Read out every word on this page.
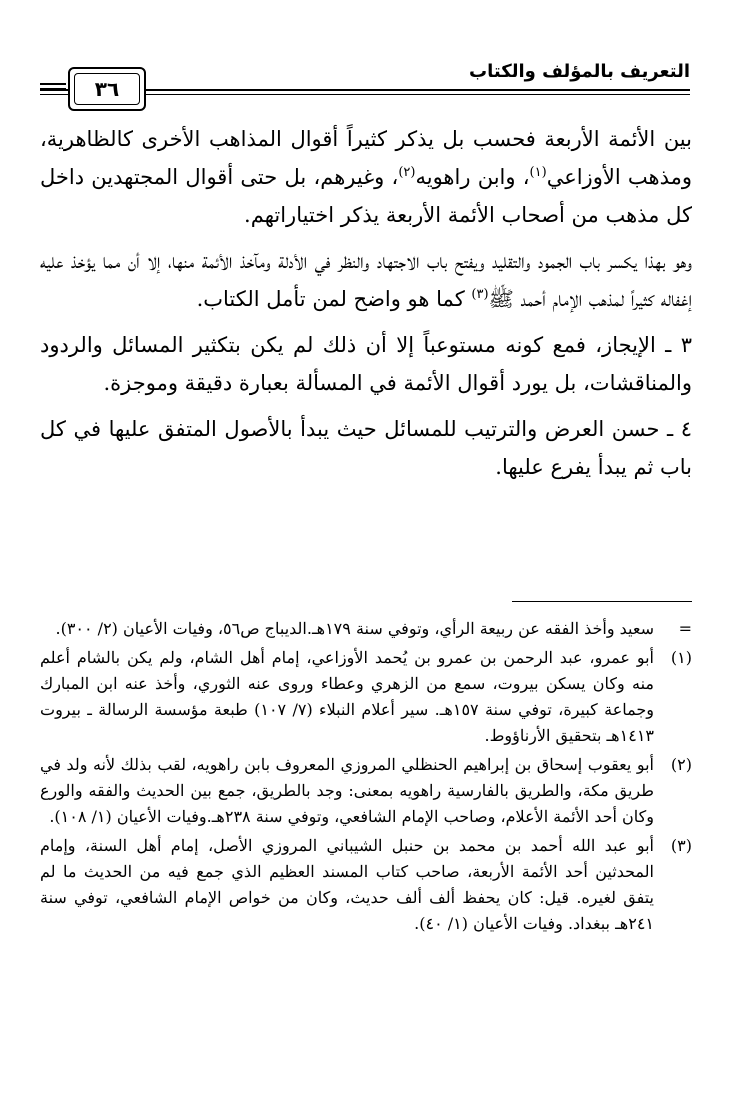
التعريف بالمؤلف والكتاب
٣٦

بين الأئمة الأربعة فحسب بل يذكر كثيراً أقوال المذاهب الأخرى كالظاهرية، ومذهب الأوزاعي$^{(١)}$، وابن راهويه$^{(٢)}$، وغيرهم، بل حتى أقوال المجتهدين داخل كل مذهب من أصحاب الأئمة الأربعة يذكر اختياراتهم.

وهو بهذا يكسر باب الجمود والتقليد ويفتح باب الاجتهاد والنظر في الأدلة ومآخذ الأئمة منها، إلا أن مما يؤخذ عليه إغفاله كثيراً لمذهب الإمام أحمد ﷺ$^{(٣)}$ كما هو واضح لمن تأمل الكتاب.

٣ ـ الإيجاز، فمع كونه مستوعباً إلا أن ذلك لم يكن بتكثير المسائل والردود والمناقشات، بل يورد أقوال الأئمة في المسألة بعبارة دقيقة وموجزة.

٤ ـ حسن العرض والترتيب للمسائل حيث يبدأ بالأصول المتفق عليها في كل باب ثم يبدأ يفرع عليها.

=
سعيد وأخذ الفقه عن ربيعة الرأي، وتوفي سنة ١٧٩هـ.الديباج ص٥٦، وفيات الأعيان (٢/ ٣٠٠).
(١)
أبو عمرو، عبد الرحمن بن عمرو بن يُحمد الأوزاعي، إمام أهل الشام، ولم يكن بالشام أعلم منه وكان يسكن بيروت، سمع من الزهري وعطاء وروى عنه الثوري، وأخذ عنه ابن المبارك وجماعة كبيرة، توفي سنة ١٥٧هـ. سير أعلام النبلاء (٧/ ١٠٧) طبعة مؤسسة الرسالة ـ بيروت ١٤١٣هـ بتحقيق الأرناؤوط.
(٢)
أبو يعقوب إسحاق بن إبراهيم الحنظلي المروزي المعروف بابن راهويه، لقب بذلك لأنه ولد في طريق مكة، والطريق بالفارسية راهويه بمعنى: وجد بالطريق، جمع بين الحديث والفقه والورع وكان أحد الأئمة الأعلام، وصاحب الإمام الشافعي، وتوفي سنة ٢٣٨هـ.وفيات الأعيان (١/ ١٠٨).
(٣)
أبو عبد الله أحمد بن محمد بن حنبل الشيباني المروزي الأصل، إمام أهل السنة، وإمام المحدثين أحد الأئمة الأربعة، صاحب كتاب المسند العظيم الذي جمع فيه من الحديث ما لم يتفق لغيره. قيل: كان يحفظ ألف ألف حديث، وكان من خواص الإمام الشافعي، توفي سنة ٢٤١هـ ببغداد. وفيات الأعيان (١/ ٤٠).
